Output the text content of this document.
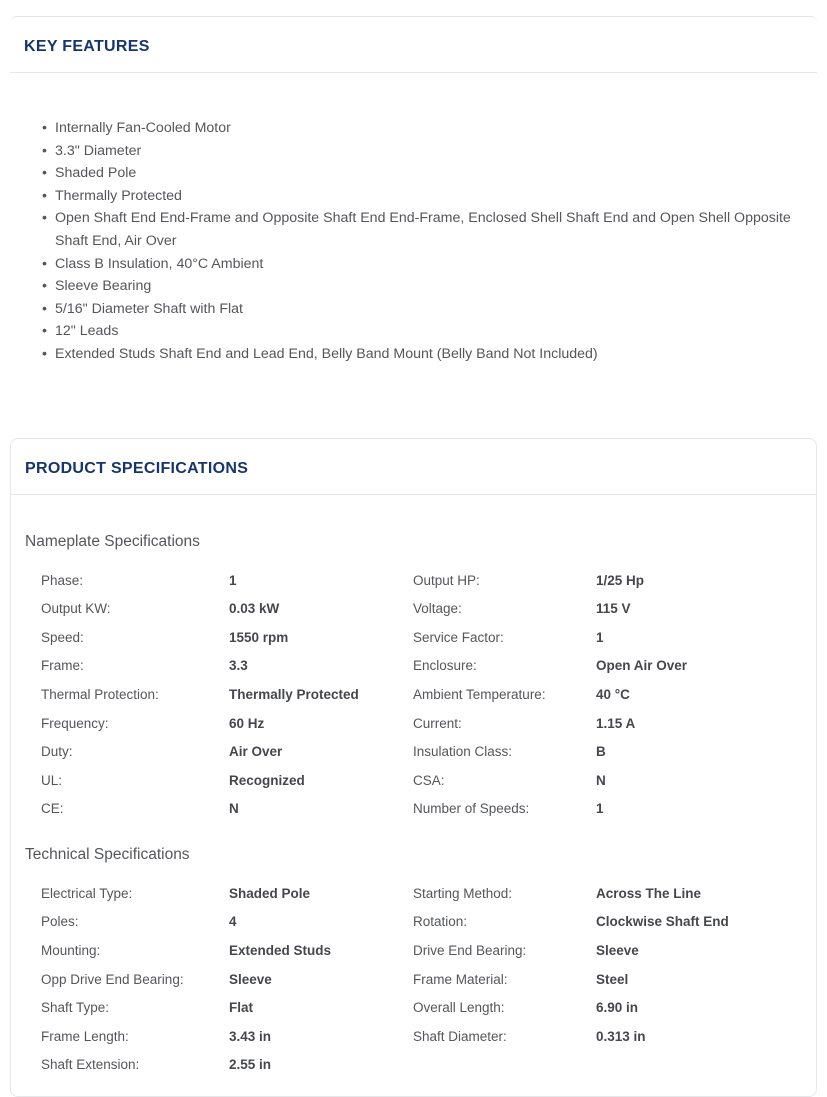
KEY FEATURES
• Internally Fan-Cooled Motor
• 3.3" Diameter
• Shaded Pole
• Thermally Protected
• Open Shaft End End-Frame and Opposite Shaft End End-Frame, Enclosed Shell Shaft End and Open Shell Opposite Shaft End, Air Over
• Class B Insulation, 40°C Ambient
• Sleeve Bearing
• 5/16" Diameter Shaft with Flat
• 12" Leads
• Extended Studs Shaft End and Lead End, Belly Band Mount (Belly Band Not Included)
PRODUCT SPECIFICATIONS
Nameplate Specifications
Phase:	1	Output HP:	1/25 Hp
Output KW:	0.03 kW	Voltage:	115 V
Speed:	1550 rpm	Service Factor:	1
Frame:	3.3	Enclosure:	Open Air Over
Thermal Protection:	Thermally Protected	Ambient Temperature:	40 °C
Frequency:	60 Hz	Current:	1.15 A
Duty:	Air Over	Insulation Class:	B
UL:	Recognized	CSA:	N
CE:	N	Number of Speeds:	1
Technical Specifications
Electrical Type:	Shaded Pole	Starting Method:	Across The Line
Poles:	4	Rotation:	Clockwise Shaft End
Mounting:	Extended Studs	Drive End Bearing:	Sleeve
Opp Drive End Bearing:	Sleeve	Frame Material:	Steel
Shaft Type:	Flat	Overall Length:	6.90 in
Frame Length:	3.43 in	Shaft Diameter:	0.313 in
Shaft Extension:	2.55 in
